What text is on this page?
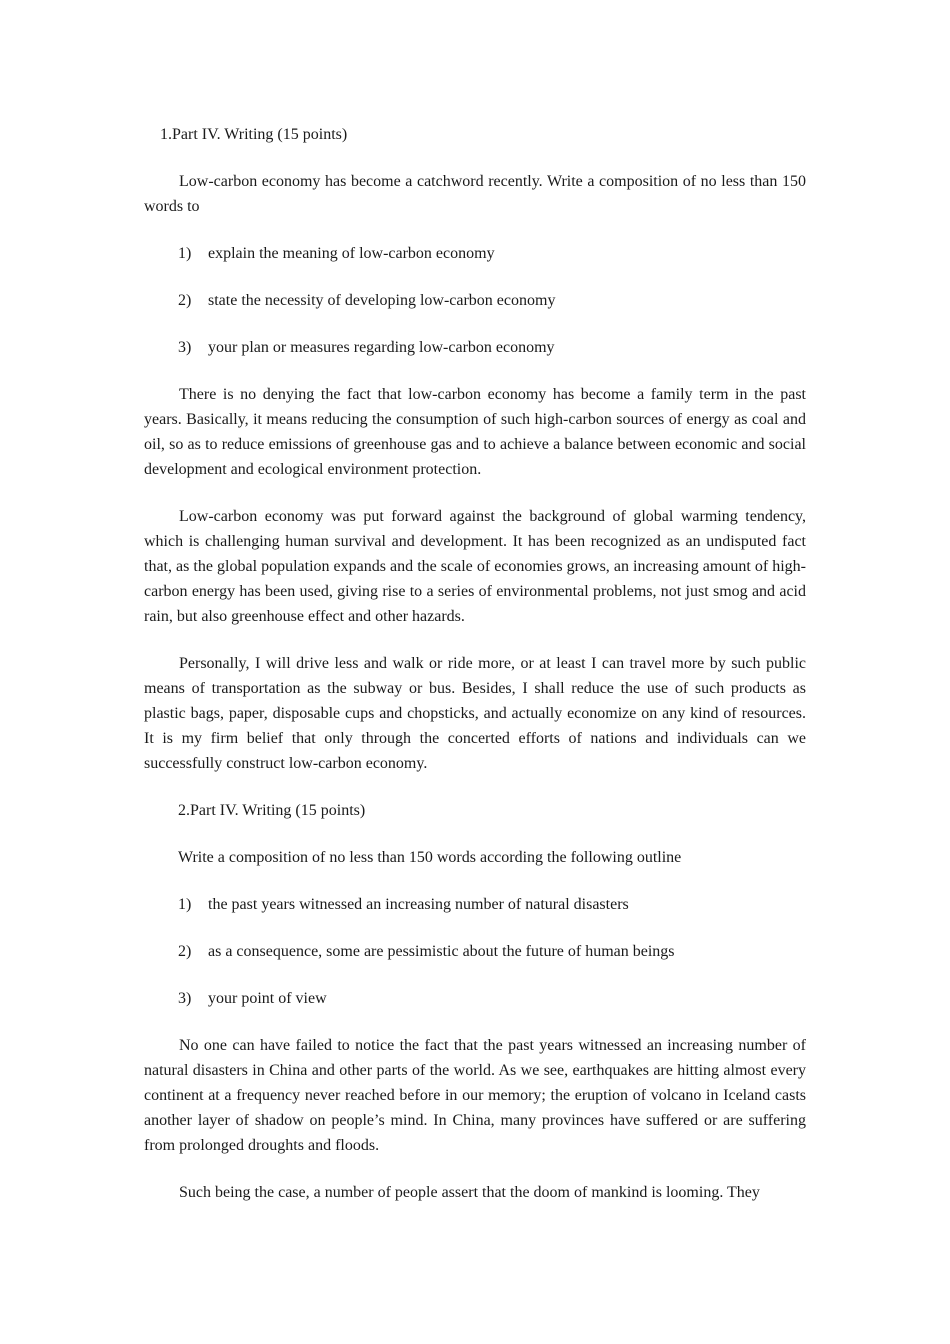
1.Part IV. Writing (15 points)

Low-carbon economy has become a catchword recently. Write a composition of no less than 150 words to

1)	explain the meaning of low-carbon economy
2)	state the necessity of developing low-carbon economy
3)	your plan or measures regarding low-carbon economy

There is no denying the fact that low-carbon economy has become a family term in the past years. Basically, it means reducing the consumption of such high-carbon sources of energy as coal and oil, so as to reduce emissions of greenhouse gas and to achieve a balance between economic and social development and ecological environment protection.

Low-carbon economy was put forward against the background of global warming tendency, which is challenging human survival and development. It has been recognized as an undisputed fact that, as the global population expands and the scale of economies grows, an increasing amount of high-carbon energy has been used, giving rise to a series of environmental problems, not just smog and acid rain, but also greenhouse effect and other hazards.

Personally, I will drive less and walk or ride more, or at least I can travel more by such public means of transportation as the subway or bus. Besides, I shall reduce the use of such products as plastic bags, paper, disposable cups and chopsticks, and actually economize on any kind of resources. It is my firm belief that only through the concerted efforts of nations and individuals can we successfully construct low-carbon economy.

2.Part IV. Writing (15 points)

Write a composition of no less than 150 words according the following outline

1)	the past years witnessed an increasing number of natural disasters
2)	as a consequence, some are pessimistic about the future of human beings
3)	your point of view

No one can have failed to notice the fact that the past years witnessed an increasing number of natural disasters in China and other parts of the world. As we see, earthquakes are hitting almost every continent at a frequency never reached before in our memory; the eruption of volcano in Iceland casts another layer of shadow on people’s mind. In China, many provinces have suffered or are suffering from prolonged droughts and floods.

Such being the case, a number of people assert that the doom of mankind is looming. They
